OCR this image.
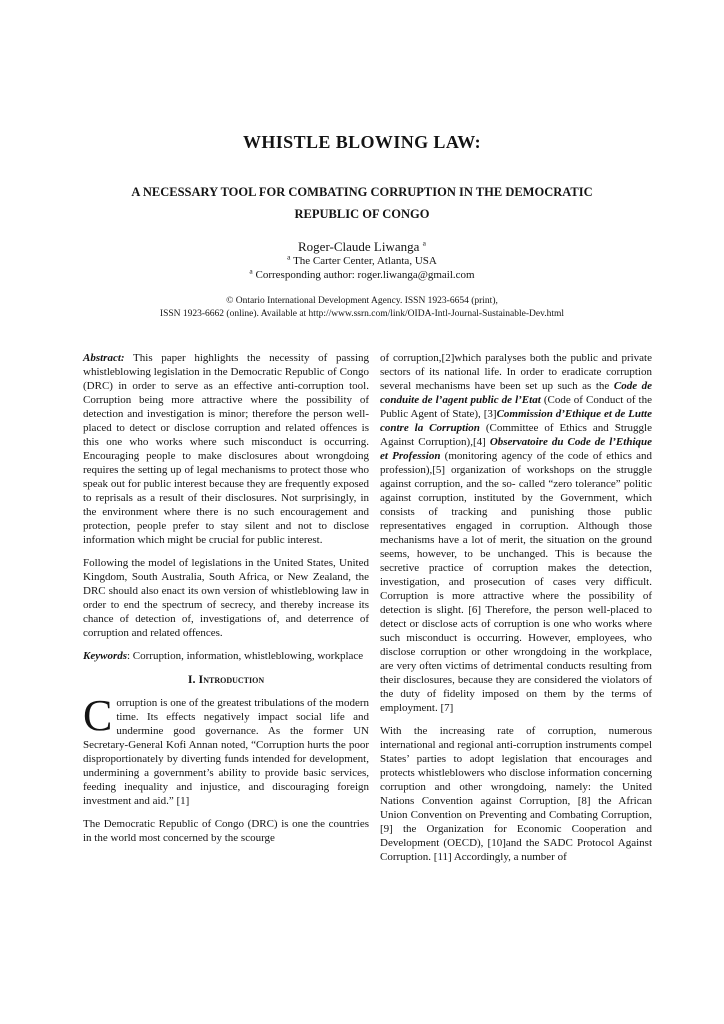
WHISTLE BLOWING LAW:
A NECESSARY TOOL FOR COMBATING CORRUPTION IN THE DEMOCRATIC
REPUBLIC OF CONGO
Roger-Claude Liwanga $^a$
$^a$ The Carter Center, Atlanta, USA
$^a$ Corresponding author: roger.liwanga@gmail.com
© Ontario International Development Agency. ISSN 1923-6654 (print),
ISSN 1923-6662 (online). Available at http://www.ssrn.com/link/OIDA-Intl-Journal-Sustainable-Dev.html

Abstract: This paper highlights the necessity of passing whistleblowing legislation in the Democratic Republic of Congo (DRC) in order to serve as an effective anti-corruption tool. Corruption being more attractive where the possibility of detection and investigation is minor; therefore the person well-placed to detect or disclose corruption and related offences is this one who works where such misconduct is occurring. Encouraging people to make disclosures about wrongdoing requires the setting up of legal mechanisms to protect those who speak out for public interest because they are frequently exposed to reprisals as a result of their disclosures. Not surprisingly, in the environment where there is no such encouragement and protection, people prefer to stay silent and not to disclose information which might be crucial for public interest.

Following the model of legislations in the United States, United Kingdom, South Australia, South Africa, or New Zealand, the DRC should also enact its own version of whistleblowing law in order to end the spectrum of secrecy, and thereby increase its chance of detection of, investigations of, and deterrence of corruption and related offences.

Keywords: Corruption, information, whistleblowing, workplace

I. Introduction

Corruption is one of the greatest tribulations of the modern time. Its effects negatively impact social life and undermine good governance. As the former UN Secretary-General Kofi Annan noted, “Corruption hurts the poor disproportionately by diverting funds intended for development, undermining a government’s ability to provide basic services, feeding inequality and injustice, and discouraging foreign investment and aid.” [1]

The Democratic Republic of Congo (DRC) is one the countries in the world most concerned by the scourge

of corruption,[2]which paralyses both the public and private sectors of its national life. In order to eradicate corruption several mechanisms have been set up such as the Code de conduite de l’agent public de l’Etat (Code of Conduct of the Public Agent of State), [3]Commission d’Ethique et de Lutte contre la Corruption (Committee of Ethics and Struggle Against Corruption),[4] Observatoire du Code de l’Ethique et Profession (monitoring agency of the code of ethics and profession),[5] organization of workshops on the struggle against corruption, and the so- called “zero tolerance” politic against corruption, instituted by the Government, which consists of tracking and punishing those public representatives engaged in corruption. Although those mechanisms have a lot of merit, the situation on the ground seems, however, to be unchanged. This is because the secretive practice of corruption makes the detection, investigation, and prosecution of cases very difficult. Corruption is more attractive where the possibility of detection is slight. [6] Therefore, the person well-placed to detect or disclose acts of corruption is one who works where such misconduct is occurring. However, employees, who disclose corruption or other wrongdoing in the workplace, are very often victims of detrimental conducts resulting from their disclosures, because they are considered the violators of the duty of fidelity imposed on them by the terms of employment. [7]

With the increasing rate of corruption, numerous international and regional anti-corruption instruments compel States’ parties to adopt legislation that encourages and protects whistleblowers who disclose information concerning corruption and other wrongdoing, namely: the United Nations Convention against Corruption, [8] the African Union Convention on Preventing and Combating Corruption, [9] the Organization for Economic Cooperation and Development (OECD), [10]and the SADC Protocol Against Corruption. [11] Accordingly, a number of
